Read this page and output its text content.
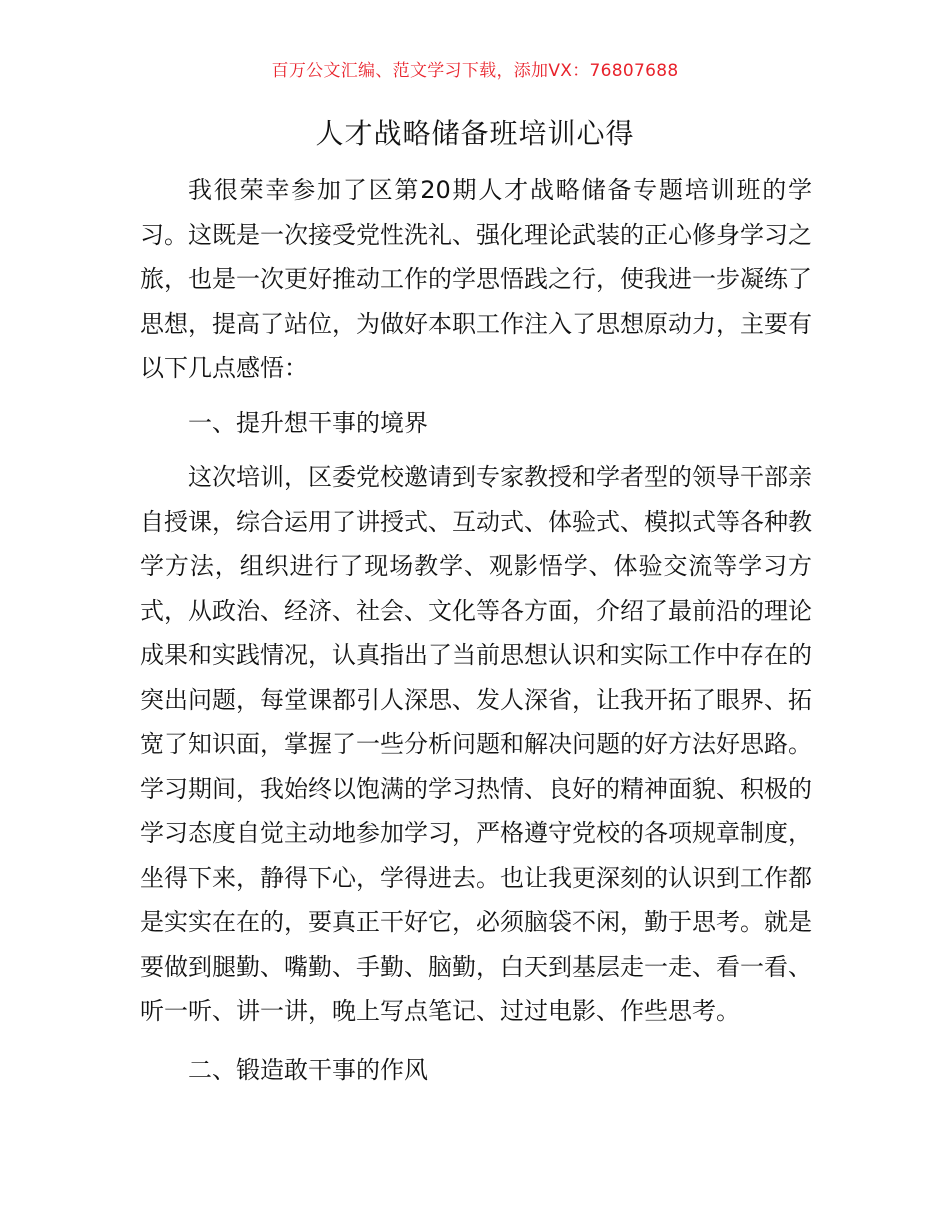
百万公文汇编、范文学习下载，添加VX：76807688
人才战略储备班培训心得

我很荣幸参加了区第20期人才战略储备专题培训班的学习。这既是一次接受党性洗礼、强化理论武装的正心修身学习之旅，也是一次更好推动工作的学思悟践之行，使我进一步凝练了思想，提高了站位，为做好本职工作注入了思想原动力，主要有以下几点感悟：

一、提升想干事的境界

这次培训，区委党校邀请到专家教授和学者型的领导干部亲自授课，综合运用了讲授式、互动式、体验式、模拟式等各种教学方法，组织进行了现场教学、观影悟学、体验交流等学习方式，从政治、经济、社会、文化等各方面，介绍了最前沿的理论成果和实践情况，认真指出了当前思想认识和实际工作中存在的突出问题，每堂课都引人深思、发人深省，让我开拓了眼界、拓宽了知识面，掌握了一些分析问题和解决问题的好方法好思路。学习期间，我始终以饱满的学习热情、良好的精神面貌、积极的学习态度自觉主动地参加学习，严格遵守党校的各项规章制度，坐得下来，静得下心，学得进去。也让我更深刻的认识到工作都是实实在在的，要真正干好它，必须脑袋不闲，勤于思考。就是要做到腿勤、嘴勤、手勤、脑勤，白天到基层走一走、看一看、听一听、讲一讲，晚上写点笔记、过过电影、作些思考。

二、锻造敢干事的作风
